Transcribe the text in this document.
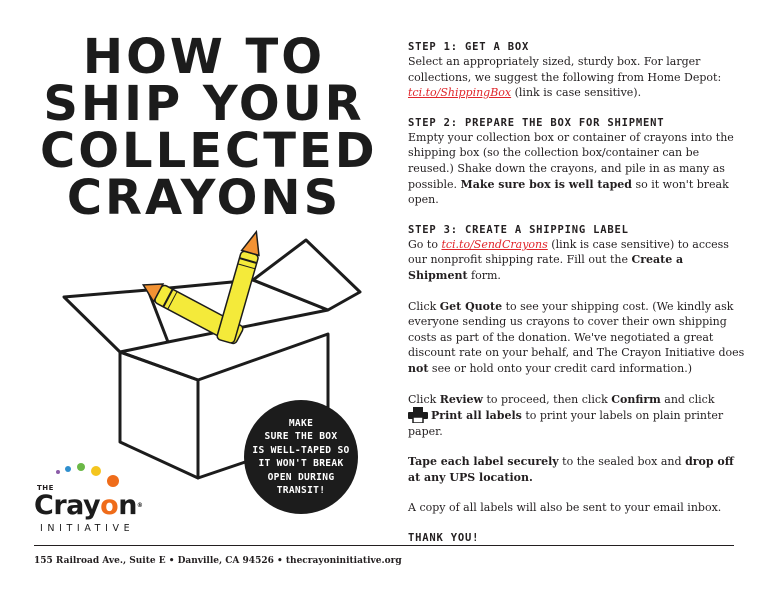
HOW TO
SHIP YOUR
COLLECTED
CRAYONS
MAKE
SURE THE BOX
IS WELL-TAPED SO
IT WON'T BREAK
OPEN DURING
TRANSIT!
THE
Crayon®
INITIATIVE
STEP 1: GET A BOX

Select an appropriately sized, sturdy box. For larger collections, we suggest the following from Home Depot: tci.to/ShippingBox (link is case sensitive).

STEP 2: PREPARE THE BOX FOR SHIPMENT

Empty your collection box or container of crayons into the shipping box (so the collection box/container can be reused.) Shake down the crayons, and pile in as many as possible. Make sure box is well taped so it won't break open.

STEP 3: CREATE A SHIPPING LABEL

Go to tci.to/SendCrayons (link is case sensitive) to access our nonprofit shipping rate. Fill out the Create a Shipment form.

Click Get Quote to see your shipping cost. (We kindly ask everyone sending us crayons to cover their own shipping costs as part of the donation. We've negotiated a great discount rate on your behalf, and The Crayon Initiative does not see or hold onto your credit card information.)

Click Review to proceed, then click Confirm and click
Print all labels to print your labels on plain printer paper.

Tape each label securely to the sealed box and drop off at any UPS location.

A copy of all labels will also be sent to your email inbox.

THANK YOU!
155 Railroad Ave., Suite E • Danville, CA 94526 • thecrayoninitiative.org
